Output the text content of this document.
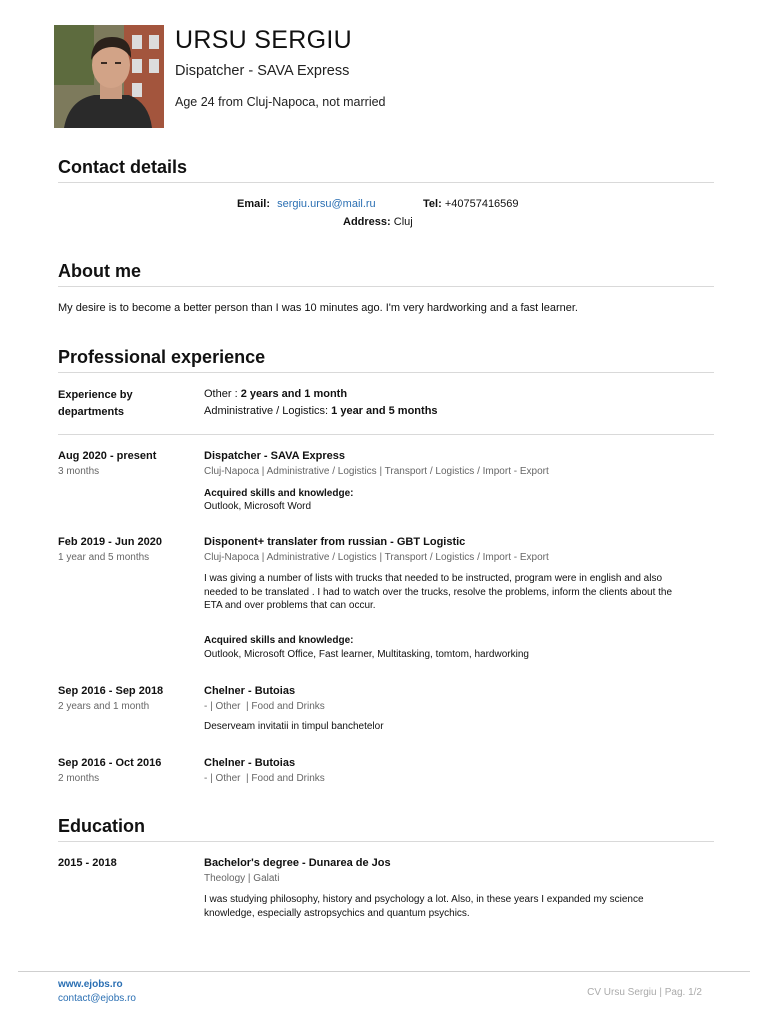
URSU SERGIU
Dispatcher - SAVA Express
Age 24 from Cluj-Napoca, not married
Contact details
Email: sergiu.ursu@mail.ru	Tel: +40757416569
Address: Cluj
About me
My desire is to become a better person than I was 10 minutes ago. I'm very hardworking and a fast learner.
Professional experience
Experience by
departments
Other : 2 years and 1 month
Administrative / Logistics: 1 year and 5 months
Aug 2020 - present
3 months
Dispatcher - SAVA Express
Cluj-Napoca | Administrative / Logistics | Transport / Logistics / Import - Export
Acquired skills and knowledge:
Outlook, Microsoft Word
Feb 2019 - Jun 2020
1 year and 5 months
Disponent+ translater from russian - GBT Logistic
Cluj-Napoca | Administrative / Logistics | Transport / Logistics / Import - Export
I was giving a number of lists with trucks that needed to be instructed, program were in english and also
needed to be translated . I had to watch over the trucks, resolve the problems, inform the clients about the
ETA and over problems that can occur.
Acquired skills and knowledge:
Outlook, Microsoft Office, Fast learner, Multitasking, tomtom, hardworking
Sep 2016 - Sep 2018
2 years and 1 month
Chelner - Butoias
- | Other  | Food and Drinks
Deserveam invitatii in timpul banchetelor
Sep 2016 - Oct 2016
2 months
Chelner - Butoias
- | Other  | Food and Drinks
Education
2015 - 2018	Bachelor's degree - Dunarea de Jos
Theology | Galati
I was studying philosophy, history and psychology a lot. Also, in these years I expanded my science
knowledge, especially astropsychics and quantum psychics.
www.ejobs.ro
contact@ejobs.ro
CV Ursu Sergiu | Pag. 1/2
